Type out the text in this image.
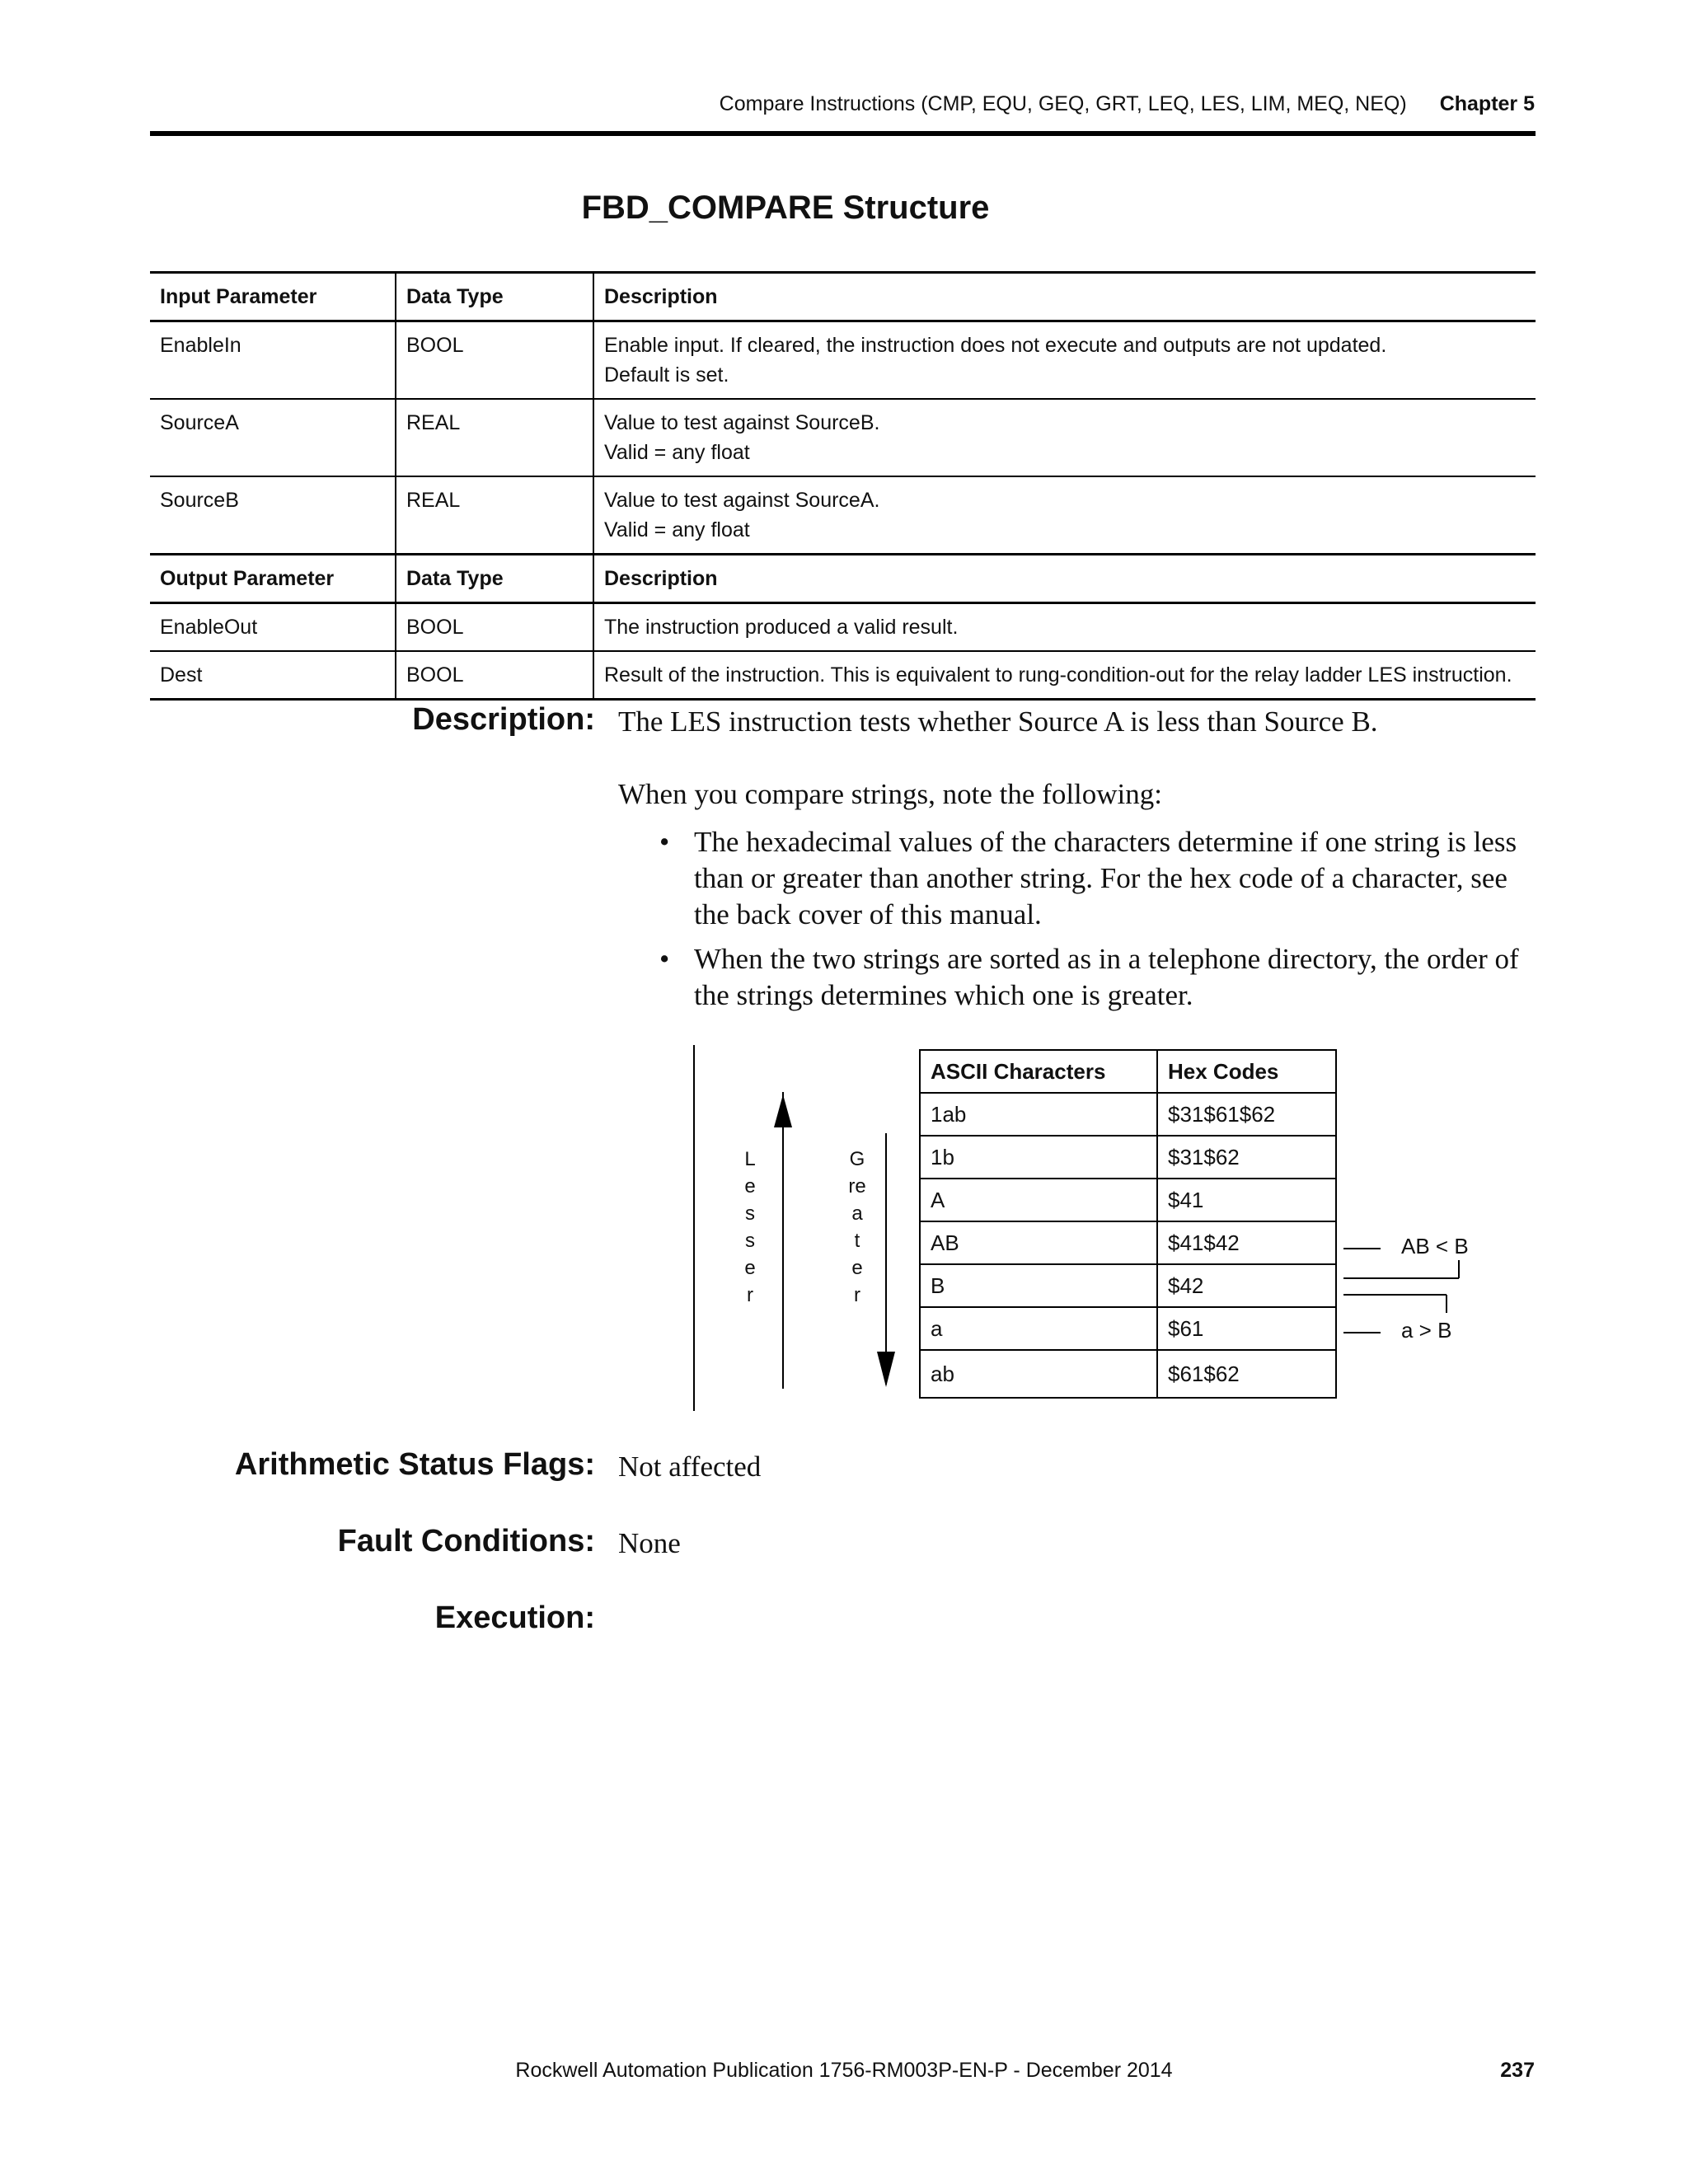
Compare Instructions (CMP, EQU, GEQ, GRT, LEQ, LES, LIM, MEQ, NEQ) Chapter 5
FBD_COMPARE Structure
Input Parameter	Data Type	Description
EnableIn	BOOL	Enable input. If cleared, the instruction does not execute and outputs are not updated.
Default is set.

SourceA	REAL	Value to test against SourceB.
Valid = any float

SourceB	REAL	Value to test against SourceA.
Valid = any float

Output Parameter	Data Type	Description
EnableOut	BOOL	The instruction produced a valid result.
Dest	BOOL	Result of the instruction. This is equivalent to rung-condition-out for the relay ladder LES instruction.
Description: The LES instruction tests whether Source A is less than Source B.
When you compare strings, note the following:
• The hexadecimal values of the characters determine if one string is less than or greater than another string. For the hex code of a character, see the back cover of this manual.
• When the two strings are sorted as in a telephone directory, the order of the strings determines which one is greater.
L
e
s
s
e
r
G
re
a
t
e
r
ASCII Characters	Hex Codes
1ab	$31$61$62
1b	$31$62
A	$41
AB	$41$42
B	$42
a	$61
ab	$61$62
AB < B
a > B
Arithmetic Status Flags: Not affected
Fault Conditions: None
Execution:
Rockwell Automation Publication 1756-RM003P-EN-P - December 2014	237
